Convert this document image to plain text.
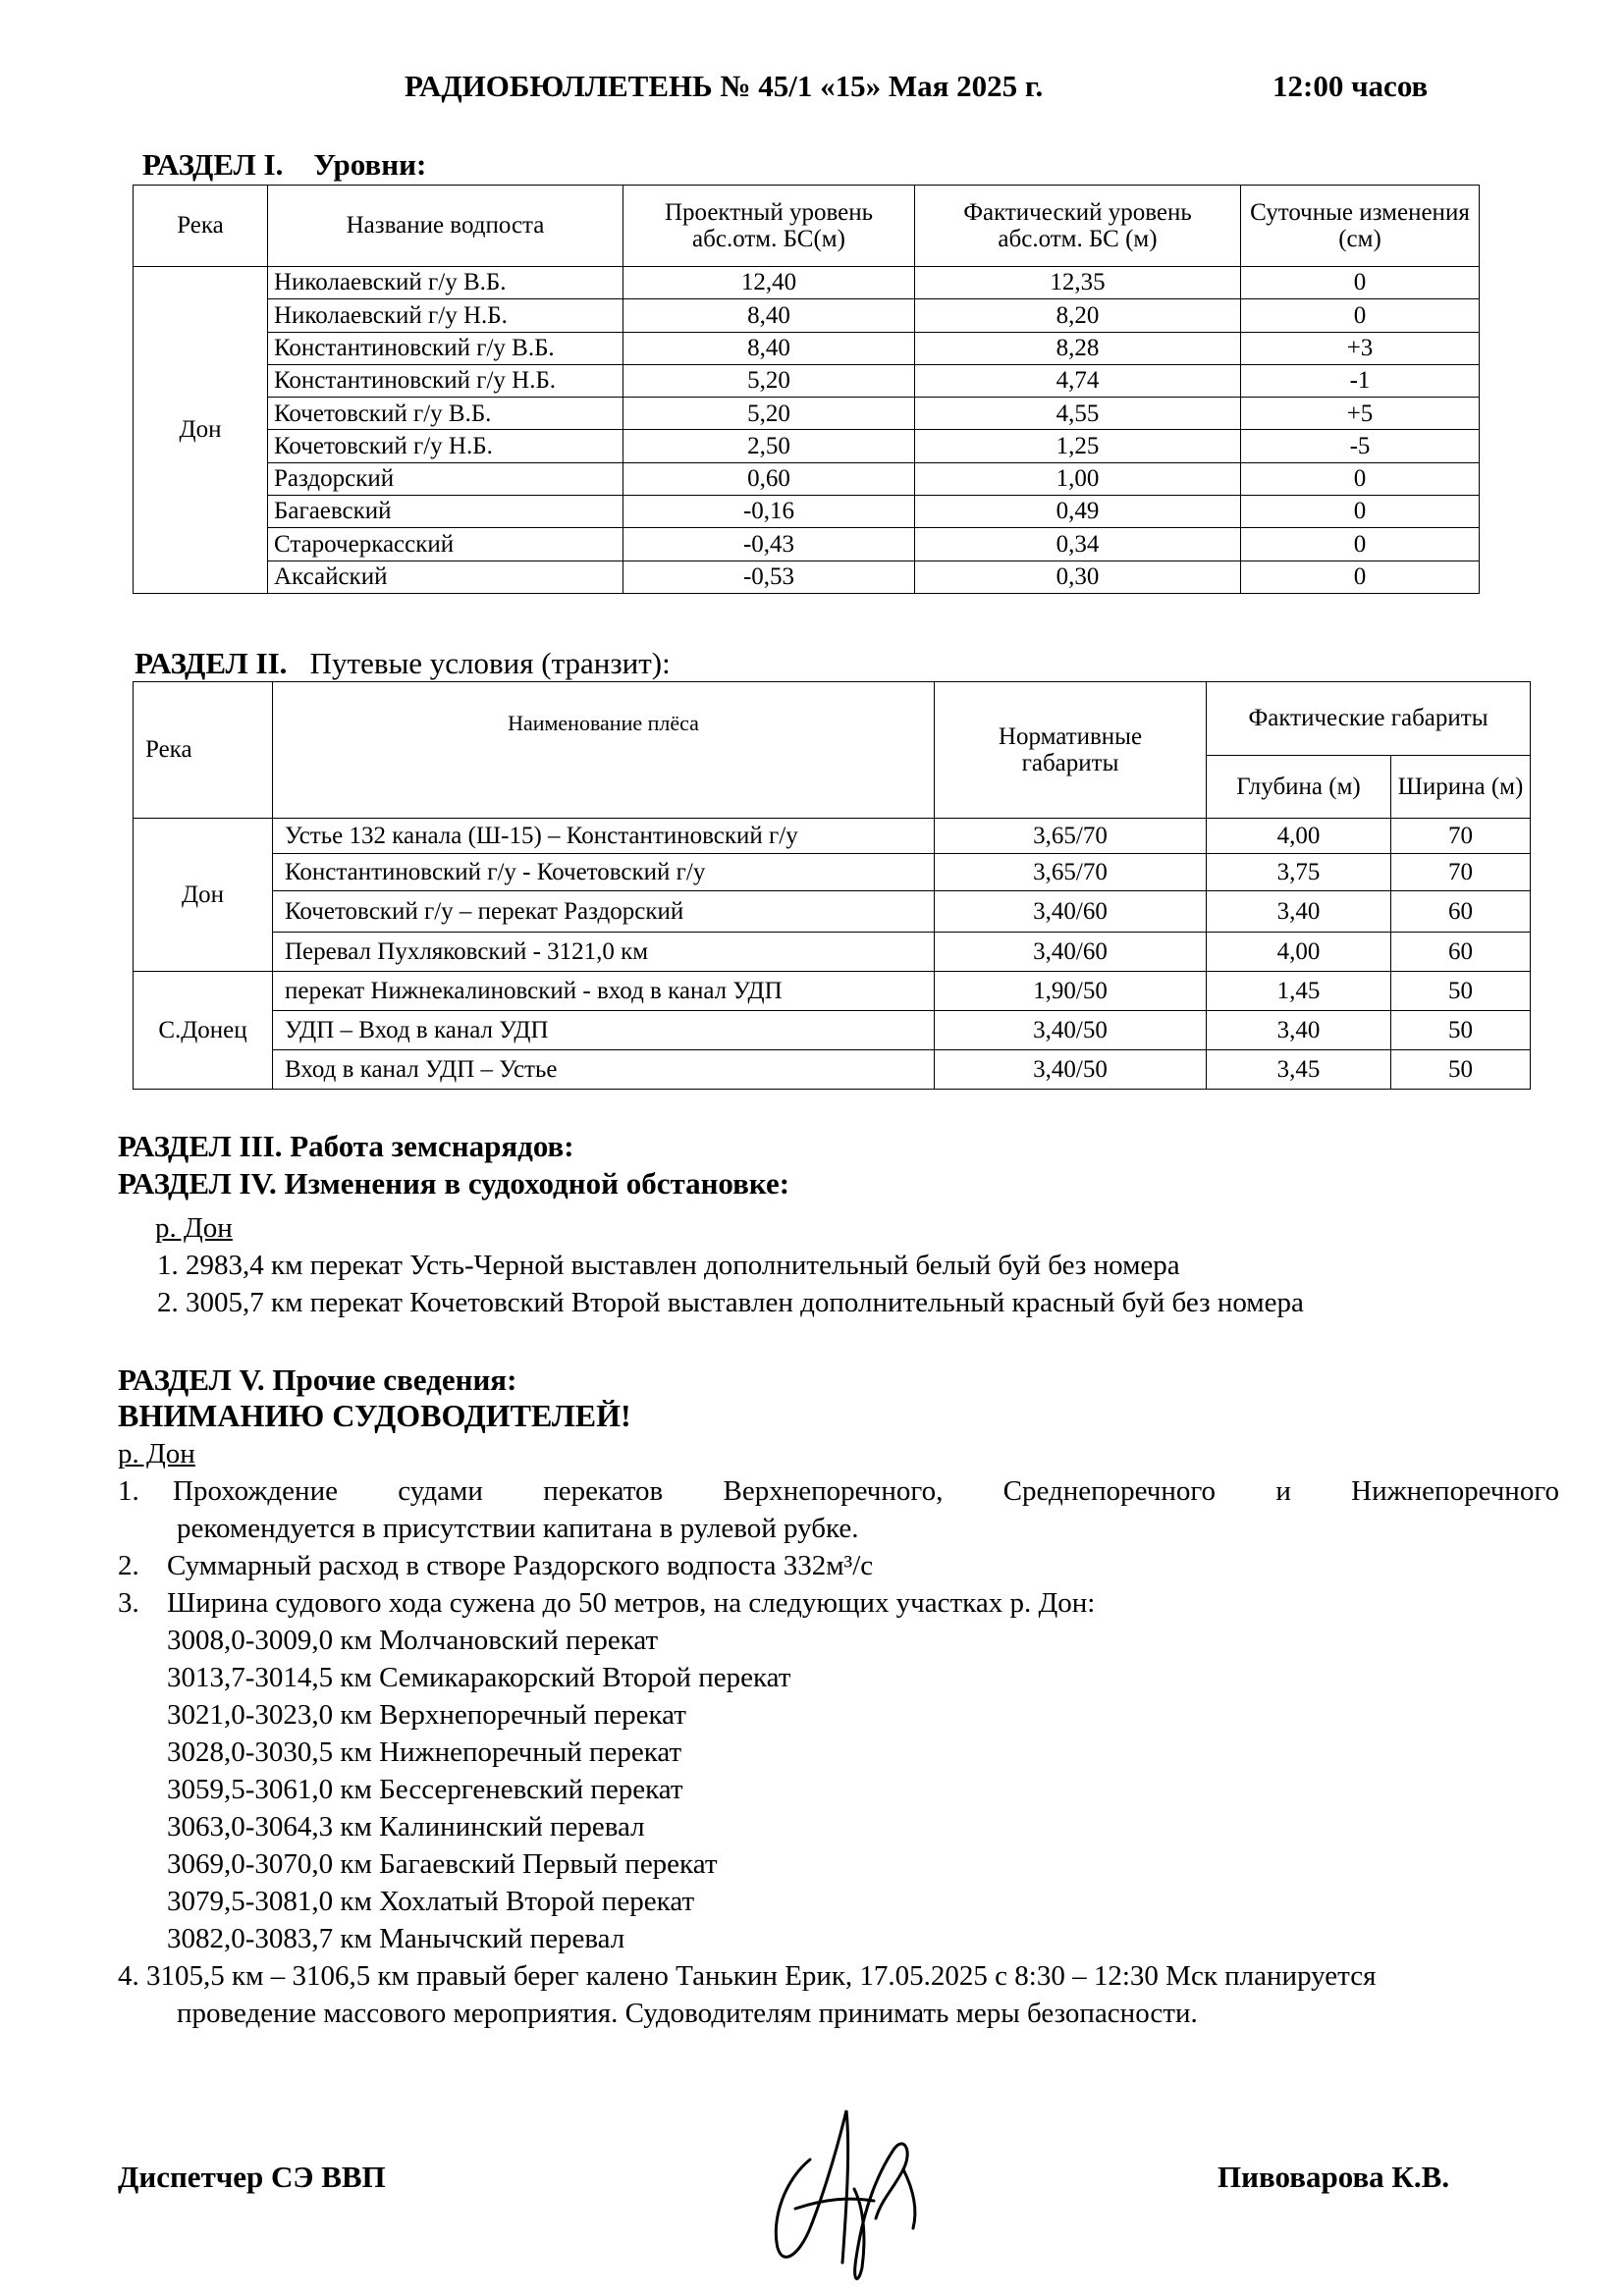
РАДИОБЮЛЛЕТЕНЬ № 45/1 «15» Мая 2025 г.	12:00 часов
РАЗДЕЛ I. Уровни:
Река	Название водпоста	Проектный уровень абс.отм. БС(м)	Фактический уровень абс.отм. БС (м)	Суточные изменения (см)
Дон	Николаевский г/у В.Б.	12,40	12,35	0
	Николаевский г/у Н.Б.	8,40	8,20	0
	Константиновский г/у В.Б.	8,40	8,28	+3
	Константиновский г/у Н.Б.	5,20	4,74	-1
	Кочетовский г/у В.Б.	5,20	4,55	+5
	Кочетовский г/у Н.Б.	2,50	1,25	-5
	Раздорский	0,60	1,00	0
	Багаевский	-0,16	0,49	0
	Старочеркасский	-0,43	0,34	0
	Аксайский	-0,53	0,30	0
РАЗДЕЛ II. Путевые условия (транзит):
Река	Наименование плёса	Нормативные габариты	Фактические габариты	
			Глубина (м)	Ширина (м)
Дон	Устье 132 канала (Ш-15) – Константиновский г/у	3,65/70	4,00	70
	Константиновский г/у - Кочетовский г/у	3,65/70	3,75	70
	Кочетовский г/у – перекат Раздорский	3,40/60	3,40	60
	Перевал Пухляковский - 3121,0 км	3,40/60	4,00	60
С.Донец	перекат Нижнекалиновский - вход в канал УДП	1,90/50	1,45	50
	УДП – Вход в канал УДП	3,40/50	3,40	50
	Вход в канал УДП – Устье	3,40/50	3,45	50
РАЗДЕЛ III. Работа земснарядов:
РАЗДЕЛ IV. Изменения в судоходной обстановке:
р. Дон
1. 2983,4 км перекат Усть-Черной выставлен дополнительный белый буй без номера
2. 3005,7 км перекат Кочетовский Второй выставлен дополнительный красный буй без номера
РАЗДЕЛ V. Прочие сведения:
ВНИМАНИЮ СУДОВОДИТЕЛЕЙ!
р. Дон
1. Прохождение судами перекатов Верхнепоречного, Среднепоречного и Нижнепоречного
рекомендуется в присутствии капитана в рулевой рубке.
2. Суммарный расход в створе Раздорского водпоста 332м³/с
3. Ширина судового хода сужена до 50 метров, на следующих участках р. Дон:
3008,0-3009,0 км Молчановский перекат
3013,7-3014,5 км Семикаракорский Второй перекат
3021,0-3023,0 км Верхнепоречный перекат
3028,0-3030,5 км Нижнепоречный перекат
3059,5-3061,0 км Бессергеневский перекат
3063,0-3064,3 км Калининский перевал
3069,0-3070,0 км Багаевский Первый перекат
3079,5-3081,0 км Хохлатый Второй перекат
3082,0-3083,7 км Манычский перевал
4. 3105,5 км – 3106,5 км правый берег калено Танькин Ерик, 17.05.2025 с 8:30 – 12:30 Мск планируется
проведение массового мероприятия. Судоводителям принимать меры безопасности.
Диспетчер СЭ ВВП	Пивоварова К.В.
